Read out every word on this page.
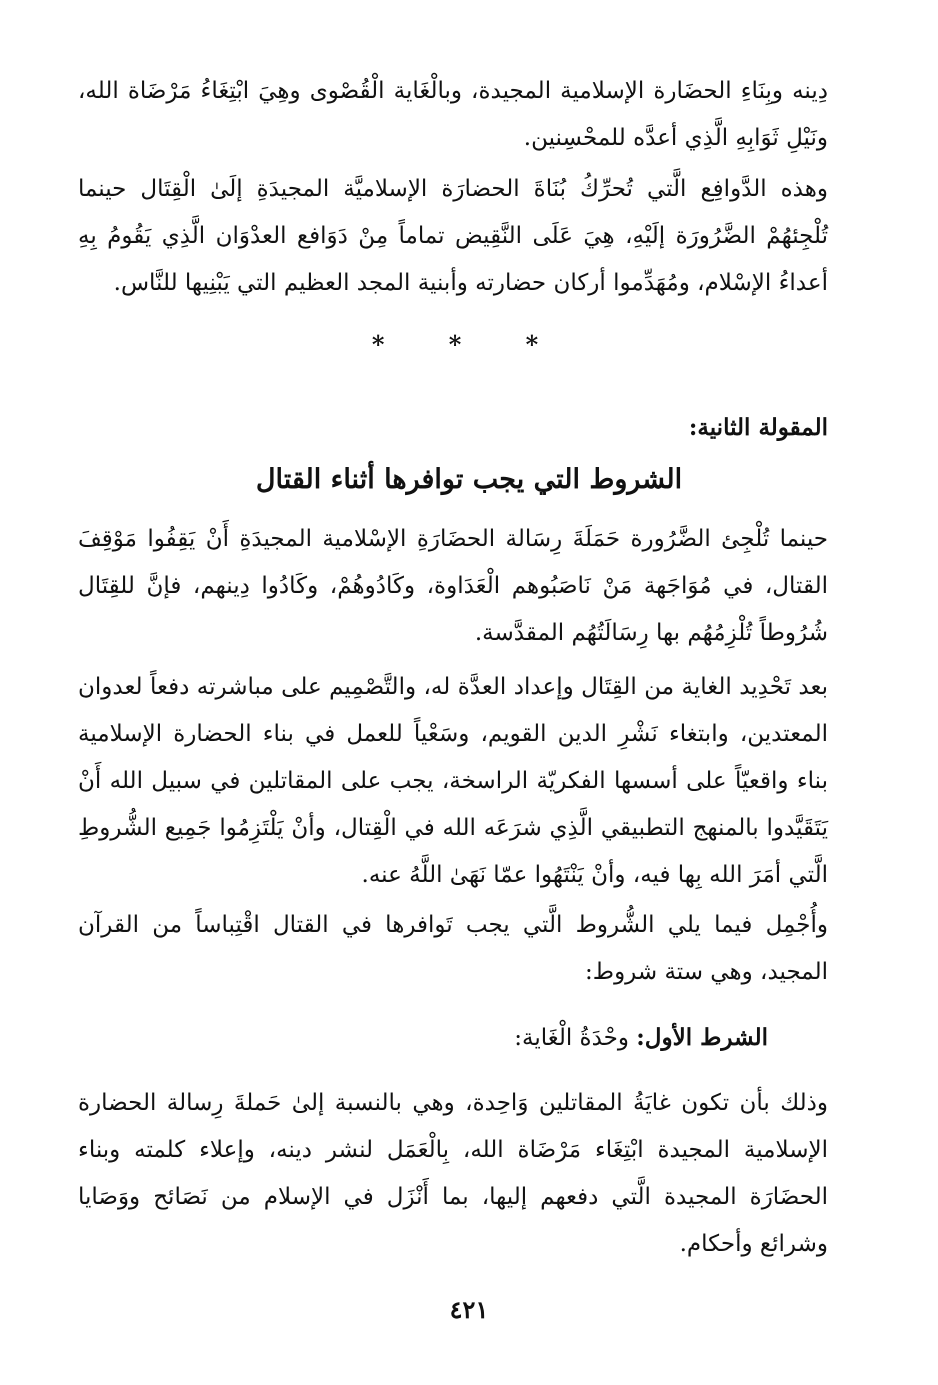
دِينه وبِنَاءِ الحضَارة الإسلامية المجيدة، وبالْغَاية الْقُصْوى وهِيَ ابْتِغَاءُ مَرْضَاة الله، ونَيْلِ ثَوَابِهِ الَّذِي أعدَّه للمحْسِنين.

وهذه الدَّوافِع الَّتي تُحرِّكُ بُنَاةَ الحضارَة الإسلاميَّة المجيدَةِ إلَىٰ الْقِتَال حينما تُلْجِئهُمْ الضَّرُورَة إلَيْهِ، هِيَ عَلَى النَّقِيض تماماً مِنْ دَوَافع العدْوَان الَّذِي يَقُومُ بِهِ أعداءُ الإسْلام، ومُهَدِّموا أركان حضارته وأبنية المجد العظيم التي يَبْنِيها للنَّاس.

* * *
المقولة الثانية:
الشروط التي يجب توافرها أثناء القتال

حينما تُلْجِئ الضَّرُورة حَمَلَةَ رِسَالة الحضَارَةِ الإسْلامية المجيدَةِ أَنْ يَقِفُوا مَوْقِفَ القتال، في مُوَاجَهة مَنْ نَاصَبُوهم الْعَدَاوة، وكَادُوهُمْ، وكَادُوا دِينهم، فإنَّ للقِتَال شُرُوطاً تُلْزِمُهُم بها رِسَالَتُهُم المقدَّسة.

بعد تَحْدِيد الغاية من القِتَال وإعداد العدَّة له، والتَّصْمِيم على مباشرته دفعاً لعدوان المعتدين، وابتغاء نَشْرِ الدين القويم، وسَعْياً للعمل في بناء الحضارة الإسلامية بناء واقعيّاً على أسسها الفكريّة الراسخة، يجب على المقاتلين في سبيل الله أَنْ يَتَقَيَّدوا بالمنهج التطبيقي الَّذِي شرَعَه الله في الْقِتال، وأنْ يَلْتَزِمُوا جَمِيع الشُّروطِ الَّتي أمَرَ الله بِها فيه، وأنْ يَنْتَهُوا عمّا نَهَىٰ اللَّهُ عنه.

وأُجْمِل فيما يلي الشُّروط الَّتي يجب تَوافرها في القتال اقْتِباساً من القرآن المجيد، وهي ستة شروط:

الشرط الأول: وحْدَةُ الْغَاية:

وذلك بأن تكون غايَةُ المقاتلين وَاحِدة، وهي بالنسبة إلىٰ حَملةَ رِسالة الحضارة الإسلامية المجيدة ابْتِغَاء مَرْضَاة الله، بِالْعَمَل لنشر دينه، وإعلاء كلمته وبناء الحضَارَة المجيدة الَّتي دفعهم إليها، بما أَنْزَل في الإسلام من نَصَائح ووَصَايا وشرائع وأحكام.

٤٢١
